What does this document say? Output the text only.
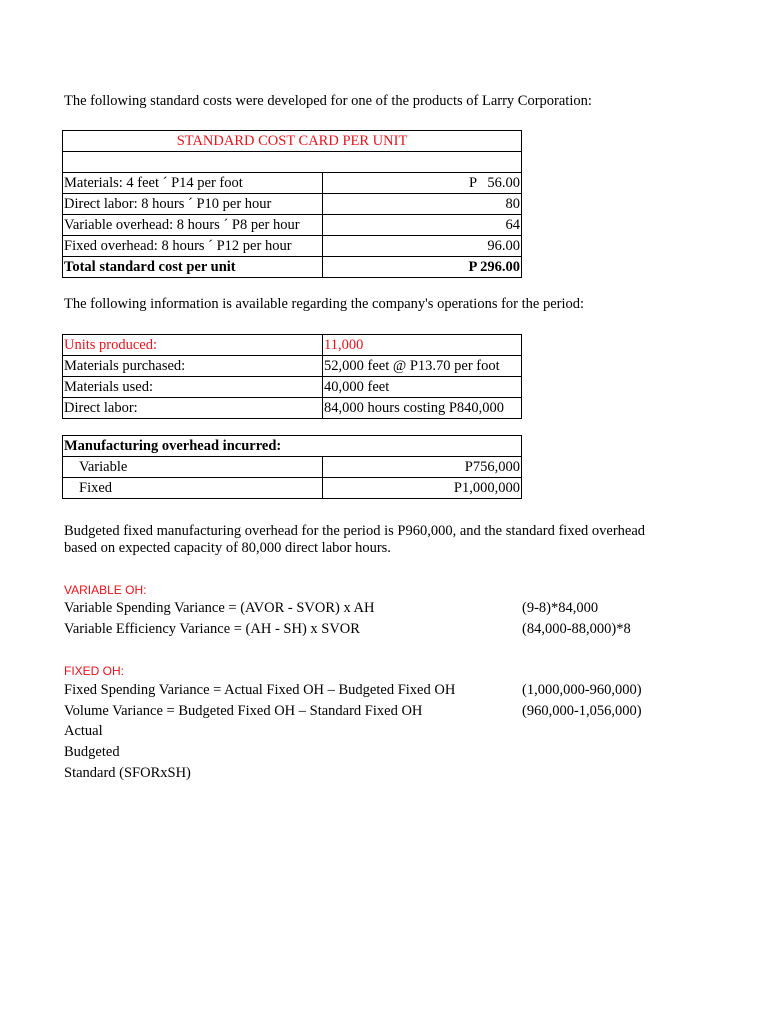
The following standard costs were developed for one of the products of Larry Corporation:
STANDARD COST CARD PER UNIT	

Materials: 4 feet ´ P14 per foot	P   56.00
Direct labor: 8 hours ´ P10 per hour	80
Variable overhead: 8 hours ´ P8 per hour	64
Fixed overhead: 8 hours ´ P12 per hour	96.00
Total standard cost per unit	P 296.00
The following information is available regarding the company's operations for the period:
Units produced:	11,000
Materials purchased:	52,000 feet @ P13.70 per foot
Materials used:	40,000 feet
Direct labor:	84,000 hours costing P840,000
Manufacturing overhead incurred:	
Variable	P756,000
Fixed	P1,000,000
Budgeted fixed manufacturing overhead for the period is P960,000, and the standard fixed overhead
based on expected capacity of 80,000 direct labor hours.
VARIABLE OH:
Variable Spending Variance = (AVOR - SVOR) x AH	(9-8)*84,000
Variable Efficiency Variance = (AH - SH) x SVOR	(84,000-88,000)*8
FIXED OH:
Fixed Spending Variance = Actual Fixed OH – Budgeted Fixed OH	(1,000,000-960,000)
Volume Variance = Budgeted Fixed OH – Standard Fixed OH	(960,000-1,056,000)
Actual
Budgeted
Standard (SFORxSH)
